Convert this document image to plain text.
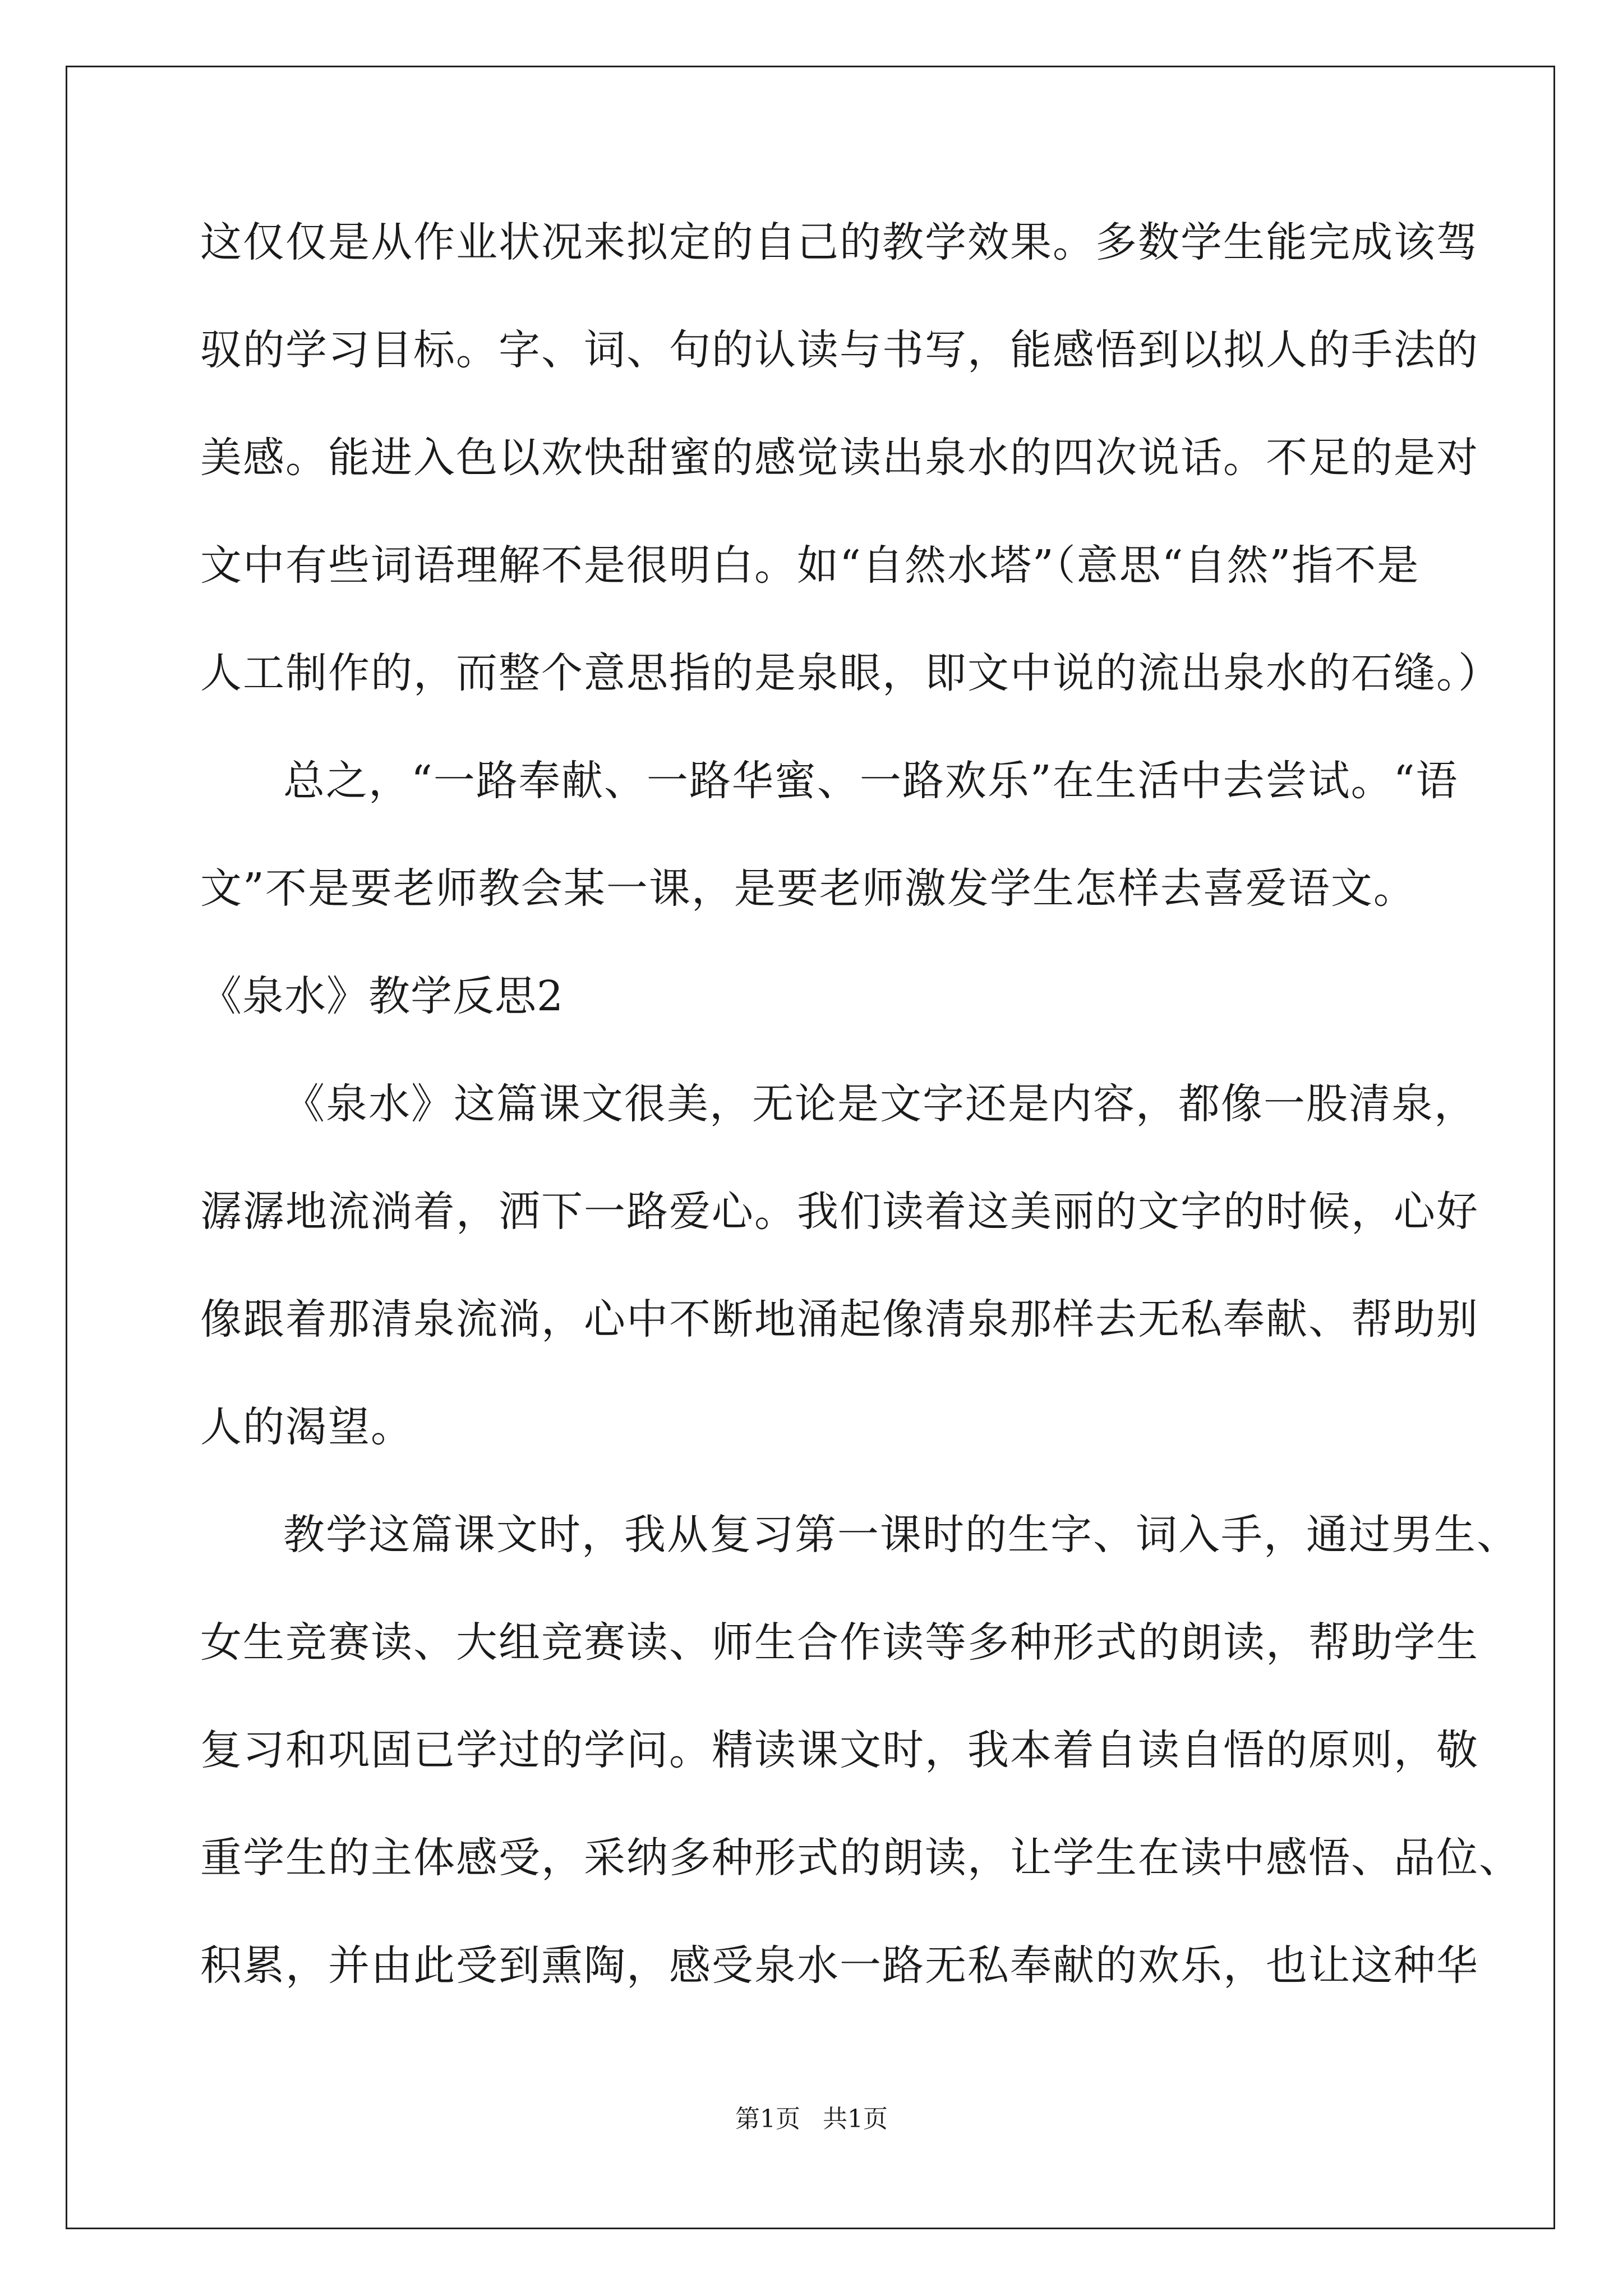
这仅仅是从作业状况来拟定的自己的教学效果。多数学生能完成该驾
驭的学习目标。字、词、句的认读与书写，能感悟到以拟人的手法的
美感。能进入色以欢快甜蜜的感觉读出泉水的四次说话。不足的是对
文中有些词语理解不是很明白。如“自然水塔”（意思“自然”指不是
人工制作的，而整个意思指的是泉眼，即文中说的流出泉水的石缝。）
总之，“一路奉献、一路华蜜、一路欢乐”在生活中去尝试。“语
文”不是要老师教会某一课，是要老师激发学生怎样去喜爱语文。
《泉水》教学反思2
《泉水》这篇课文很美，无论是文字还是内容，都像一股清泉，
潺潺地流淌着，洒下一路爱心。我们读着这美丽的文字的时候，心好
像跟着那清泉流淌，心中不断地涌起像清泉那样去无私奉献、帮助别
人的渴望。
教学这篇课文时，我从复习第一课时的生字、词入手，通过男生、
女生竞赛读、大组竞赛读、师生合作读等多种形式的朗读，帮助学生
复习和巩固已学过的学问。精读课文时，我本着自读自悟的原则，敬
重学生的主体感受，采纳多种形式的朗读，让学生在读中感悟、品位、
积累，并由此受到熏陶，感受泉水一路无私奉献的欢乐，也让这种华
第1页 共1页
